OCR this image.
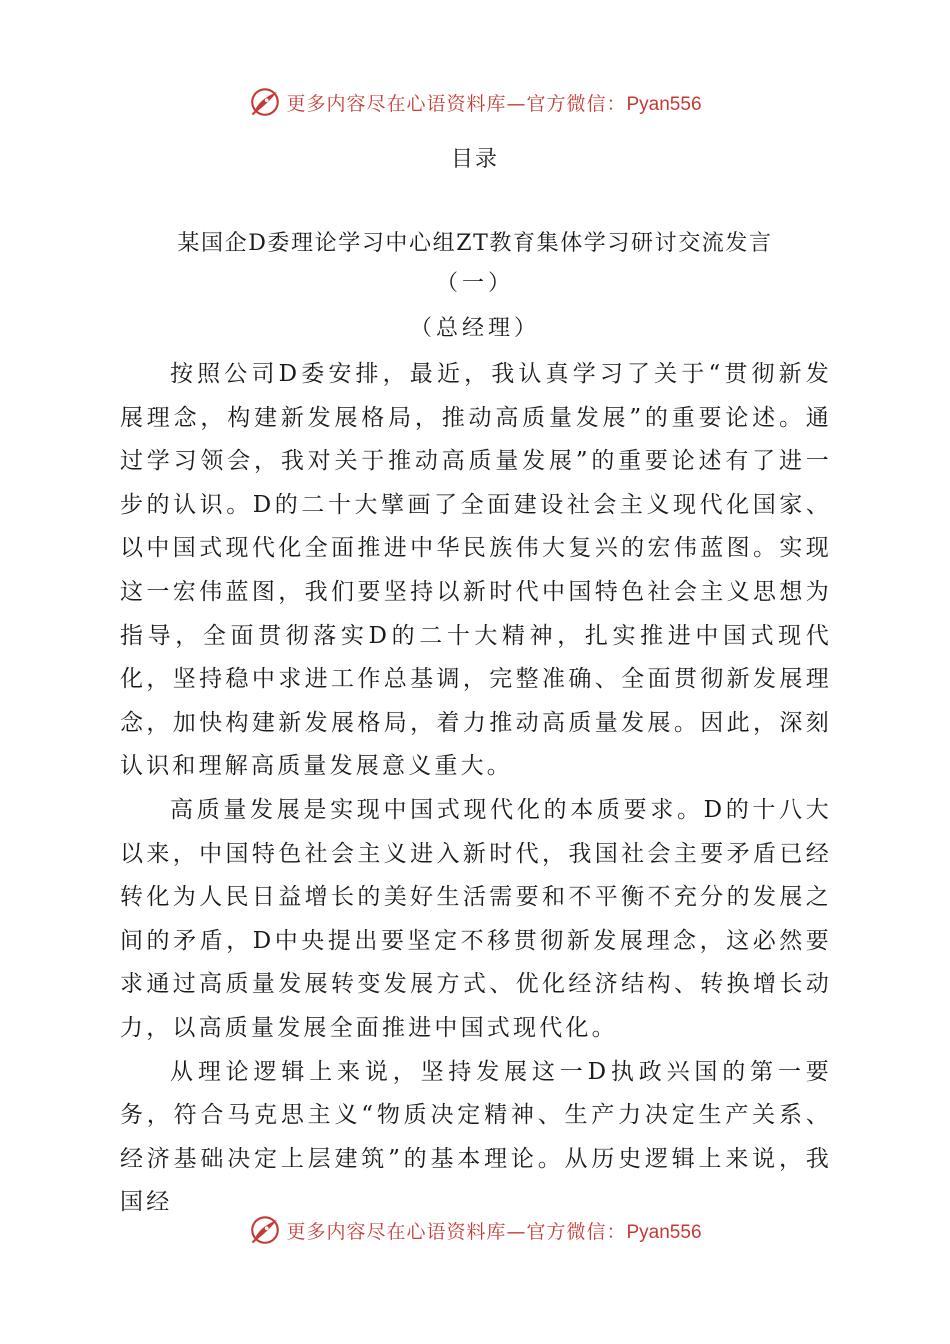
更多内容尽在心语资料库—官方微信：Pyan556
目录
某国企D委理论学习中心组ZT教育集体学习研讨交流发言
（一）
（总经理）

按照公司D委安排，最近，我认真学习了关于“贯彻新发展理念，构建新发展格局，推动高质量发展”的重要论述。通过学习领会，我对关于推动高质量发展”的重要论述有了进一步的认识。D的二十大擘画了全面建设社会主义现代化国家、以中国式现代化全面推进中华民族伟大复兴的宏伟蓝图。实现这一宏伟蓝图，我们要坚持以新时代中国特色社会主义思想为指导，全面贯彻落实D的二十大精神，扎实推进中国式现代化，坚持稳中求进工作总基调，完整准确、全面贯彻新发展理念，加快构建新发展格局，着力推动高质量发展。因此，深刻认识和理解高质量发展意义重大。

高质量发展是实现中国式现代化的本质要求。D的十八大以来，中国特色社会主义进入新时代，我国社会主要矛盾已经转化为人民日益增长的美好生活需要和不平衡不充分的发展之间的矛盾，D中央提出要坚定不移贯彻新发展理念，这必然要求通过高质量发展转变发展方式、优化经济结构、转换增长动力，以高质量发展全面推进中国式现代化。

从理论逻辑上来说，坚持发展这一D执政兴国的第一要务，符合马克思主义“物质决定精神、生产力决定生产关系、经济基础决定上层建筑”的基本理论。从历史逻辑上来说，我国经

更多内容尽在心语资料库—官方微信：Pyan556
